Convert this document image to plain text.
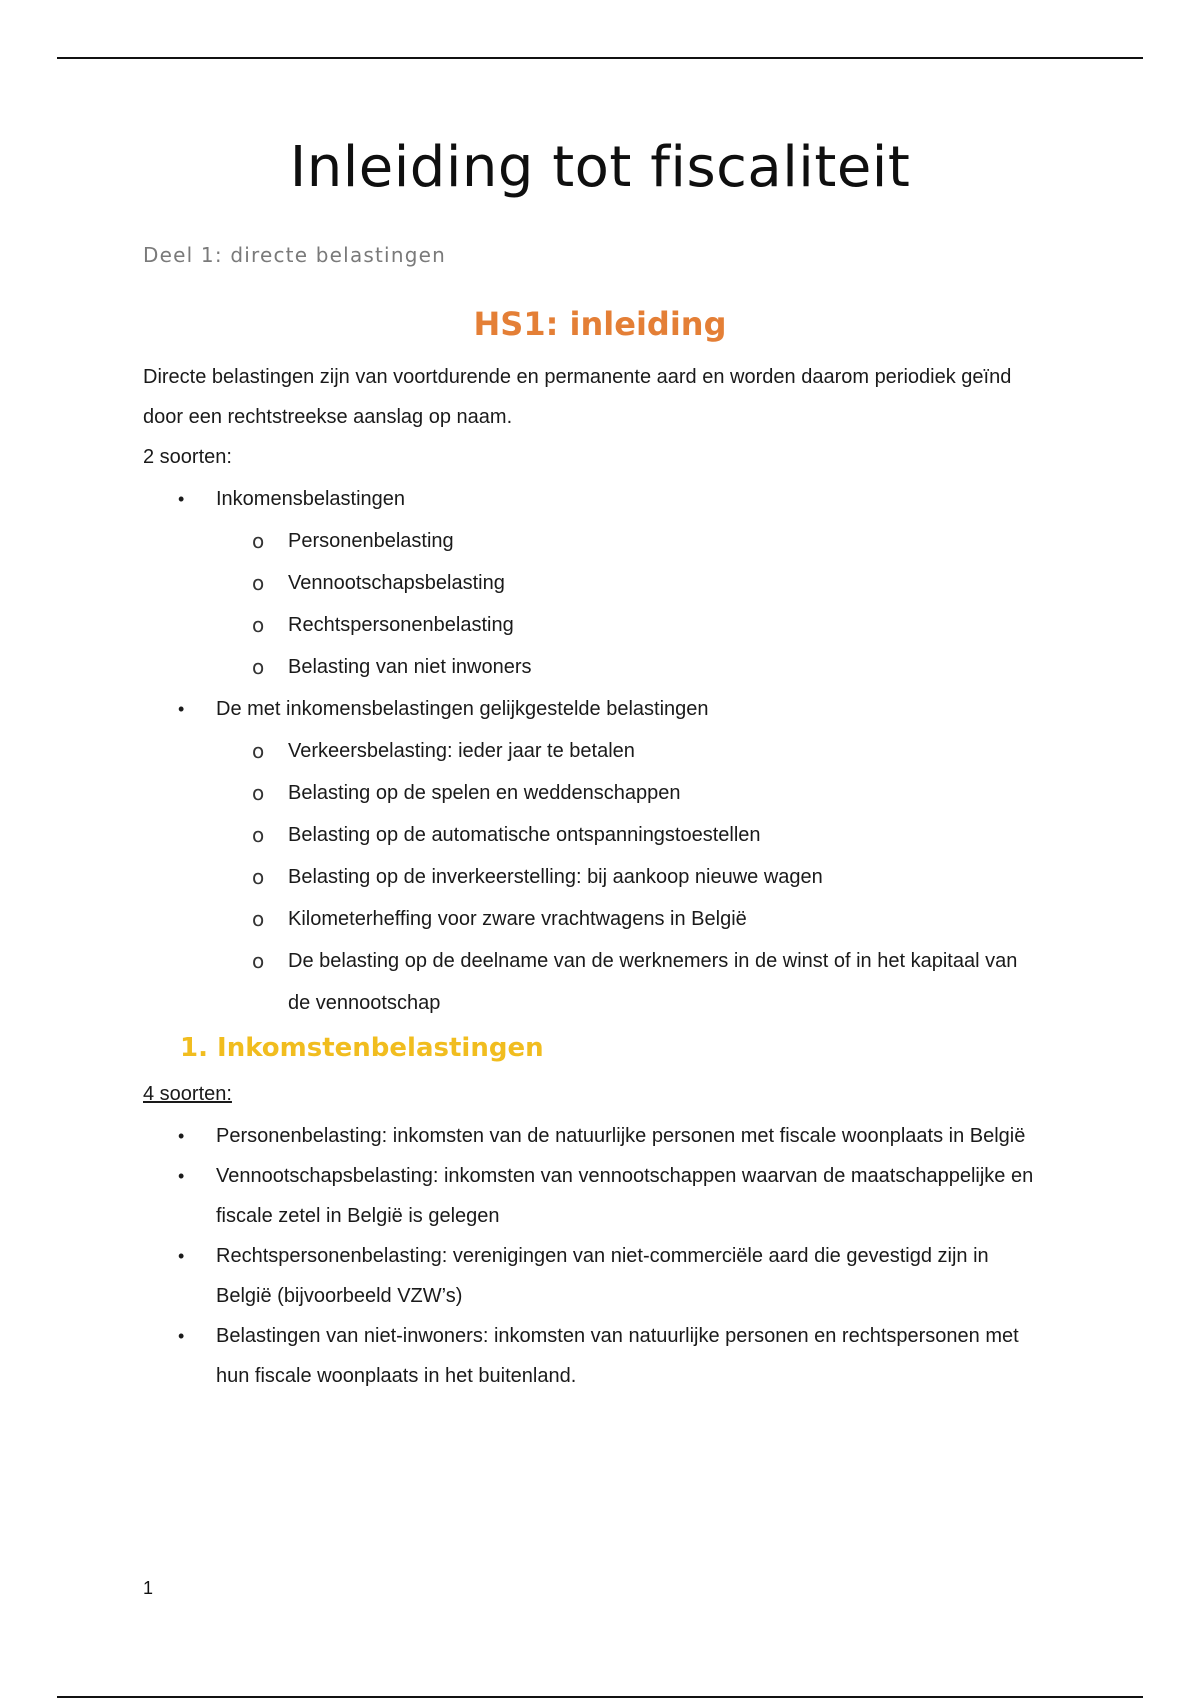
Inleiding tot fiscaliteit
Deel 1: directe belastingen
HS1: inleiding
Directe belastingen zijn van voortdurende en permanente aard en worden daarom periodiek geïnd
door een rechtstreekse aanslag op naam.
2 soorten:
• Inkomensbelastingen
o Personenbelasting
o Vennootschapsbelasting
o Rechtspersonenbelasting
o Belasting van niet inwoners
• De met inkomensbelastingen gelijkgestelde belastingen
o Verkeersbelasting: ieder jaar te betalen
o Belasting op de spelen en weddenschappen
o Belasting op de automatische ontspanningstoestellen
o Belasting op de inverkeerstelling: bij aankoop nieuwe wagen
o Kilometerheffing voor zware vrachtwagens in België
o De belasting op de deelname van de werknemers in de winst of in het kapitaal van
de vennootschap
1. Inkomstenbelastingen
4 soorten:
• Personenbelasting: inkomsten van de natuurlijke personen met fiscale woonplaats in België
• Vennootschapsbelasting: inkomsten van vennootschappen waarvan de maatschappelijke en
fiscale zetel in België is gelegen
• Rechtspersonenbelasting: verenigingen van niet-commerciële aard die gevestigd zijn in
België (bijvoorbeeld VZW’s)
• Belastingen van niet-inwoners: inkomsten van natuurlijke personen en rechtspersonen met
hun fiscale woonplaats in het buitenland.
1
